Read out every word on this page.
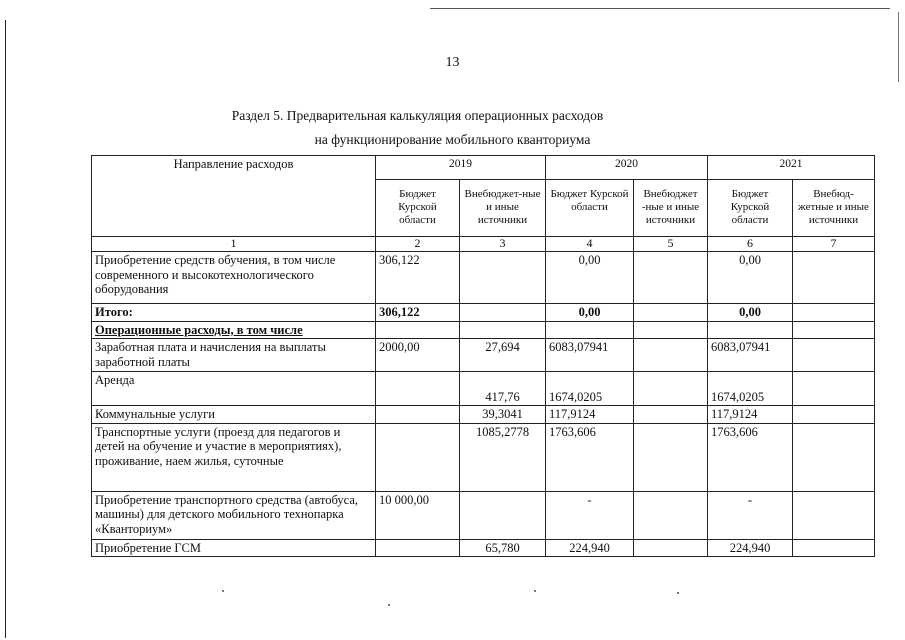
13
Раздел 5. Предварительная калькуляция операционных расходов
на функционирование мобильного кванториума
Направление расходов	2019		2020		2021	
	Бюджет Курской области	Внебюджет-ные и иные источники	Бюджет Курской области	Внебюджет -ные и иные источники	Бюджет Курской области	Внебюд-жетные и иные источники
1	2	3	4	5	6	7
Приобретение средств обучения, в том числе современного и высокотехнологического оборудования	306,122		0,00		0,00	
Итого:	306,122		0,00		0,00	
Операционные расходы, в том числе						
Заработная плата и начисления на выплаты заработной платы	2000,00	27,694	6083,07941		6083,07941	
Аренда		417,76	1674,0205		1674,0205	
Коммунальные услуги		39,3041	117,9124		117,9124	
Транспортные услуги (проезд для педагогов и детей на обучение и участие в мероприятиях), проживание, наем жилья, суточные		1085,2778	1763,606		1763,606	
Приобретение транспортного средства (автобуса, машины) для детского мобильного технопарка «Кванториум»	10 000,00		-		-	
Приобретение ГСМ		65,780	224,940		224,940	
